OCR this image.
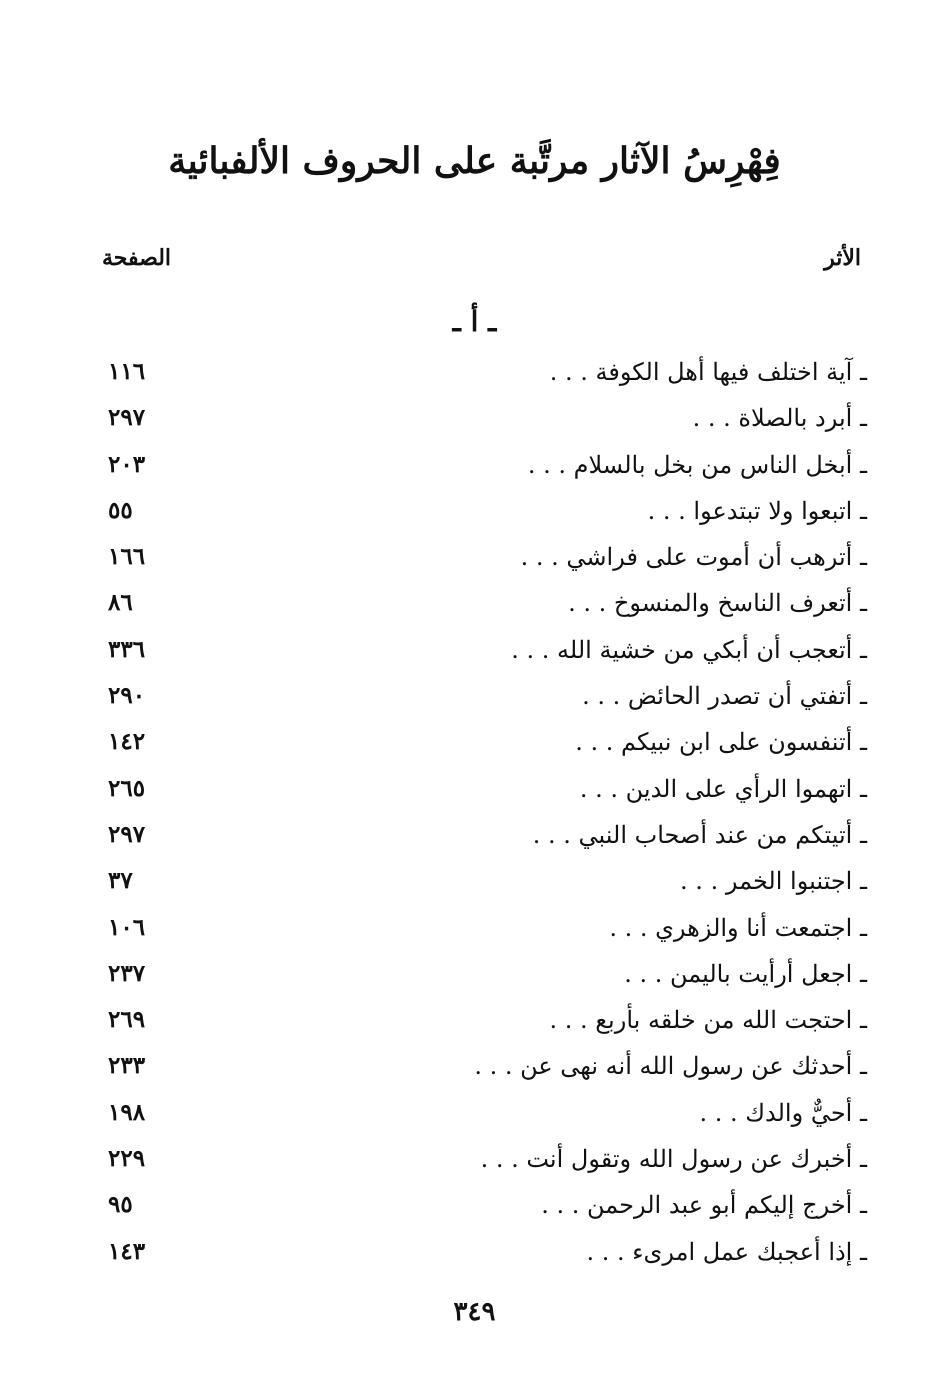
فِهْرِسُ الآثار مرتَّبة على الحروف الألفبائية
الأثر
الصفحة
ـ أ ـ
ـ آية اختلف فيها أهل الكوفة . . .
١١٦
ـ أبرد بالصلاة . . .
٢٩٧
ـ أبخل الناس من بخل بالسلام . . .
٢٠٣
ـ اتبعوا ولا تبتدعوا . . .
٥٥
ـ أترهب أن أموت على فراشي . . .
١٦٦
ـ أتعرف الناسخ والمنسوخ . . .
٨٦
ـ أتعجب أن أبكي من خشية الله . . .
٣٣٦
ـ أتفتي أن تصدر الحائض . . .
٢٩٠
ـ أتنفسون على ابن نبيكم . . .
١٤٢
ـ اتهموا الرأي على الدين . . .
٢٦٥
ـ أتيتكم من عند أصحاب النبي . . .
٢٩٧
ـ اجتنبوا الخمر . . .
٣٧
ـ اجتمعت أنا والزهري . . .
١٠٦
ـ اجعل أرأيت باليمن . . .
٢٣٧
ـ احتجت الله من خلقه بأربع . . .
٢٦٩
ـ أحدثك عن رسول الله أنه نهى عن . . .
٢٣٣
ـ أحيٌّ والدك . . .
١٩٨
ـ أخبرك عن رسول الله وتقول أنت . . .
٢٢٩
ـ أخرج إليكم أبو عبد الرحمن . . .
٩٥
ـ إذا أعجبك عمل امرىء . . .
١٤٣
٣٤٩
